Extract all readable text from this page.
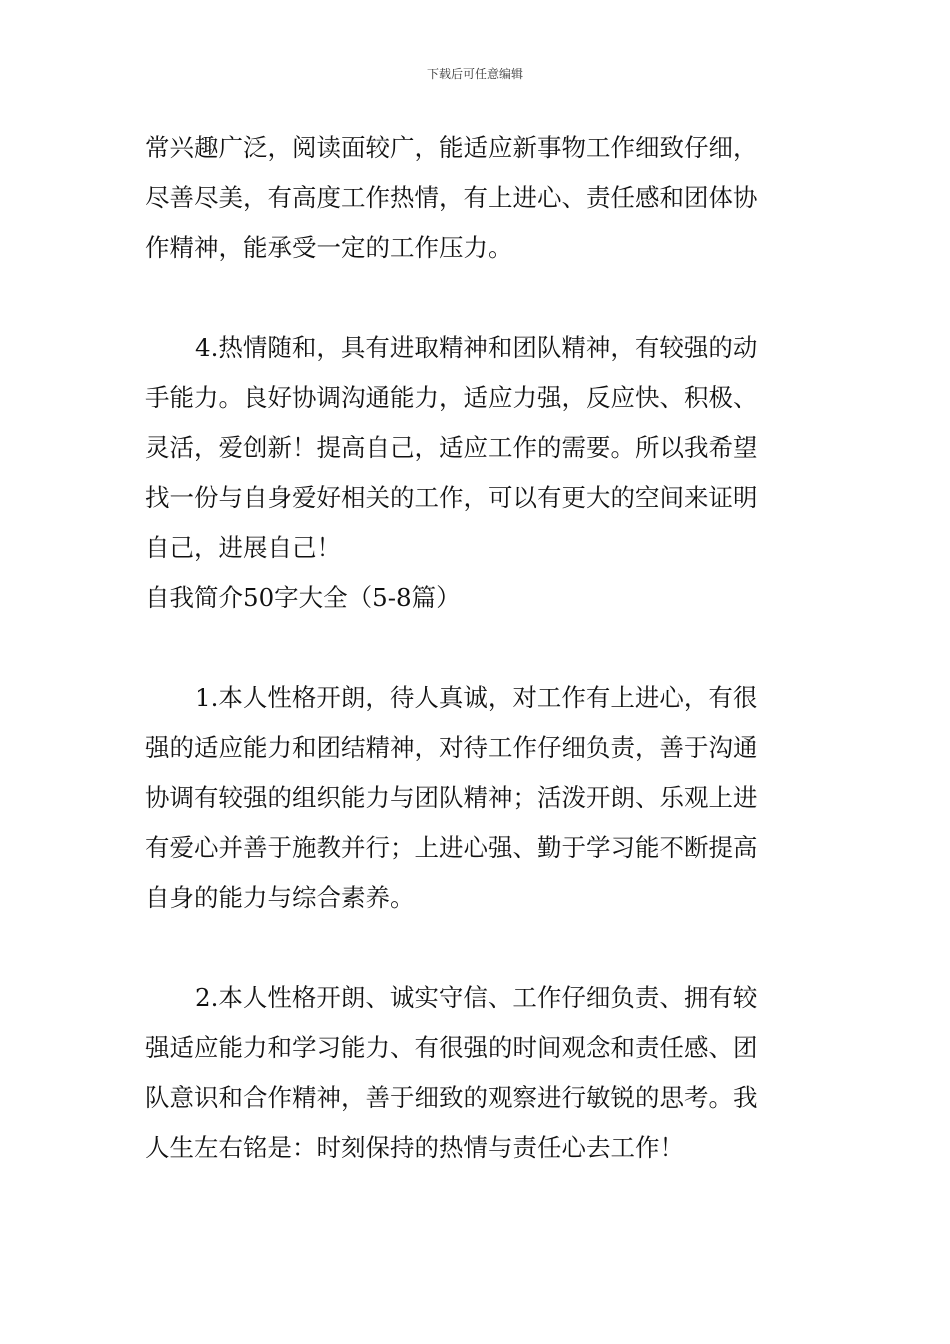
下载后可任意编辑

常兴趣广泛，阅读面较广，能适应新事物工作细致仔细，
尽善尽美，有高度工作热情，有上进心、责任感和团体协
作精神，能承受一定的工作压力。

4.热情随和，具有进取精神和团队精神，有较强的动
手能力。良好协调沟通能力，适应力强，反应快、积极、
灵活，爱创新！提高自己，适应工作的需要。所以我希望
找一份与自身爱好相关的工作，可以有更大的空间来证明
自己，进展自己！

自我简介50字大全（5-8篇）

1.本人性格开朗，待人真诚，对工作有上进心，有很
强的适应能力和团结精神，对待工作仔细负责，善于沟通
协调有较强的组织能力与团队精神；活泼开朗、乐观上进
有爱心并善于施教并行；上进心强、勤于学习能不断提高
自身的能力与综合素养。

2.本人性格开朗、诚实守信、工作仔细负责、拥有较
强适应能力和学习能力、有很强的时间观念和责任感、团
队意识和合作精神，善于细致的观察进行敏锐的思考。我
人生左右铭是：时刻保持的热情与责任心去工作！
